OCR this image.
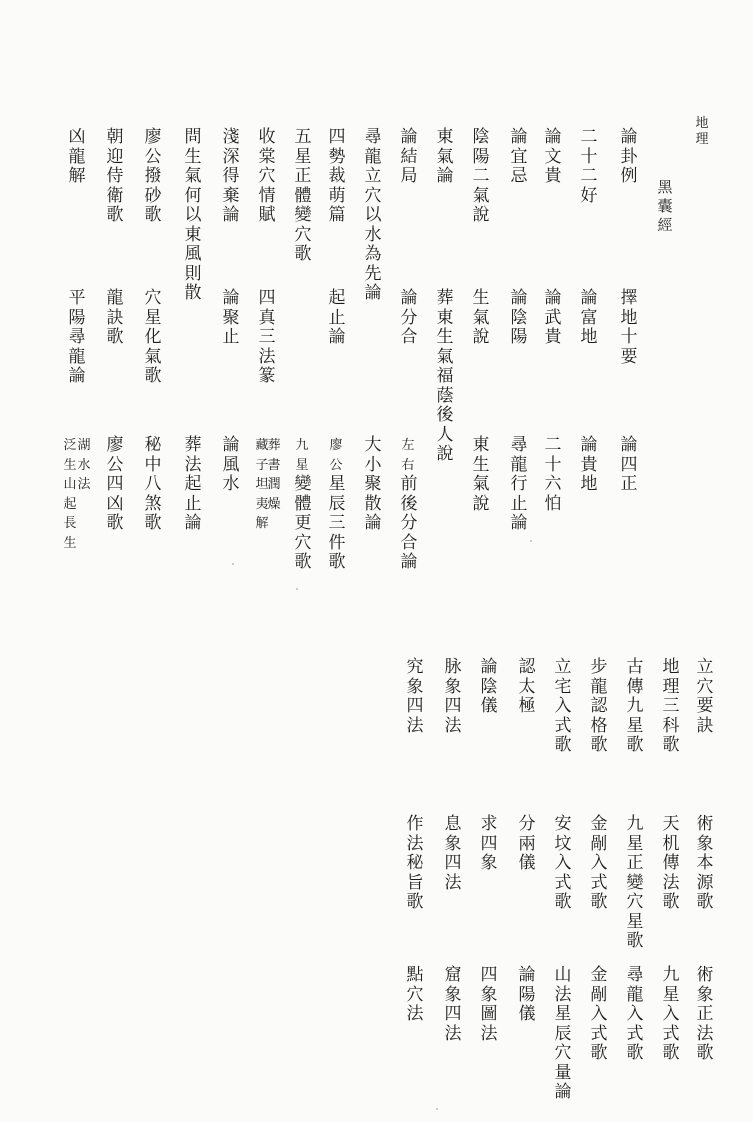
地
理
黑
囊
經
論
卦
例
擇
地
十
要
論
四
正
二
十
二
好
論
富
地
論
貴
地
論
文
貴
論
武
貴
二
十
六
怕
論
宜
忌
論
陰
陽
尋
龍
行
止
論
陰
陽
二
氣
說
生
氣
說
東
生
氣
說
東
氣
論
葬
東
生
氣
福
蔭
後
人
說
論
結
局
論
分
合
左
右
前
後
分
合
論
尋
龍
立
穴
以
水
為
先
論
大
小
聚
散
論
四
勢
裁
萌
篇
起
止
論
廖
公
星
辰
三
件
歌
五
星
正
體
變
穴
歌
九
星
變
體
更
穴
歌
收
棠
穴
情
賦
四
真
三
法
篆
葬
書
藏
子
潤
燥
坦
夷
解
淺
深
得
棄
論
論
聚
止
論
風
水
問
生
氣
何
以
東
風
則
散
葬
法
起
止
論
廖
公
撥
砂
歌
穴
星
化
氣
歌
秘
中
八
煞
歌
朝
迎
侍
衛
歌
龍
訣
歌
廖
公
四
凶
歌
凶
龍
解
平
陽
尋
龍
論
湖
水
法
泛
生
山
起
長
生
立
穴
要
訣
術
象
本
源
歌
術
象
正
法
歌
地
理
三
科
歌
天
机
傳
法
歌
九
星
入
式
歌
古
傳
九
星
歌
九
星
正
變
穴
星
歌
尋
龍
入
式
歌
步
龍
認
格
歌
金
剮
入
式
歌
金
剮
入
式
歌
立
宅
入
式
歌
安
坟
入
式
歌
山
法
星
辰
穴
量
論
認
太
極
分
兩
儀
論
陽
儀
論
陰
儀
求
四
象
四
象
圖
法
脉
象
四
法
息
象
四
法
窟
象
四
法
究
象
四
法
作
法
秘
旨
歌
點
穴
法
